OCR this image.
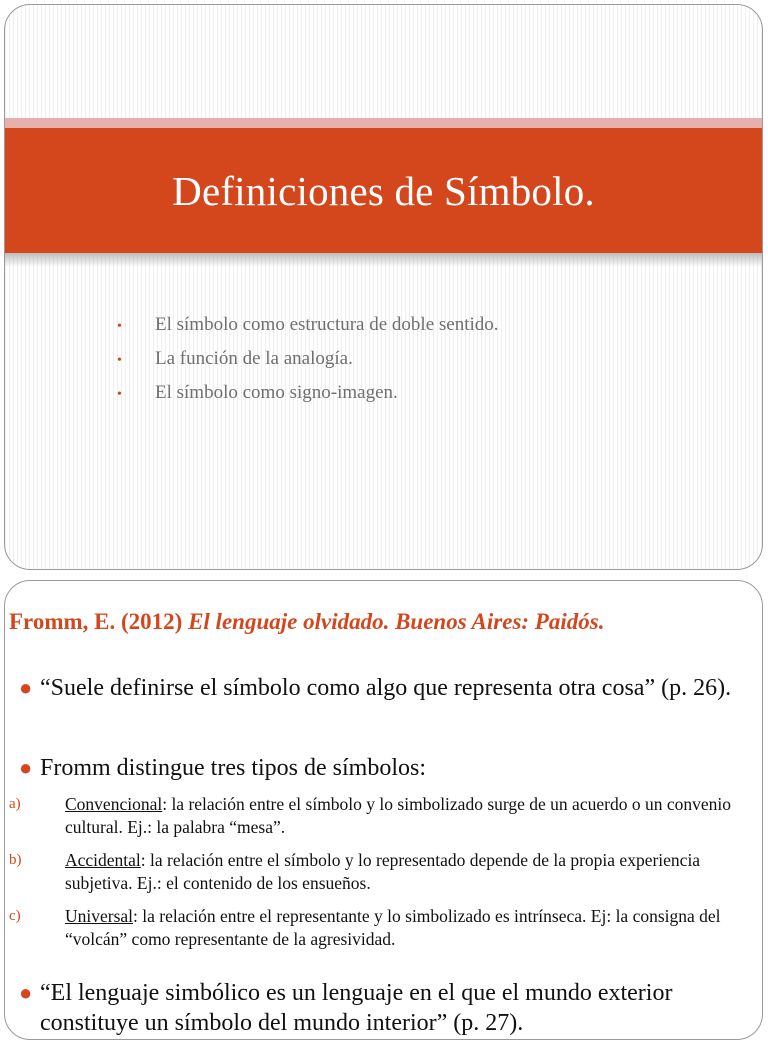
Definiciones de Símbolo.
•	El símbolo como estructura de doble sentido.
•	La función de la analogía.
•	El símbolo como signo-imagen.
Fromm, E. (2012) El lenguaje olvidado. Buenos Aires: Paidós.
● “Suele definirse el símbolo como algo que representa otra cosa” (p. 26).
● Fromm distingue tres tipos de símbolos:
a)	Convencional: la relación entre el símbolo y lo simbolizado surge de un acuerdo o un convenio cultural. Ej.: la palabra “mesa”.
b)	Accidental: la relación entre el símbolo y lo representado depende de la propia experiencia subjetiva. Ej.: el contenido de los ensueños.
c)	Universal: la relación entre el representante y lo simbolizado es intrínseca. Ej: la consigna del “volcán” como representante de la agresividad.
● “El lenguaje simbólico es un lenguaje en el que el mundo exterior constituye un símbolo del mundo interior” (p. 27).
